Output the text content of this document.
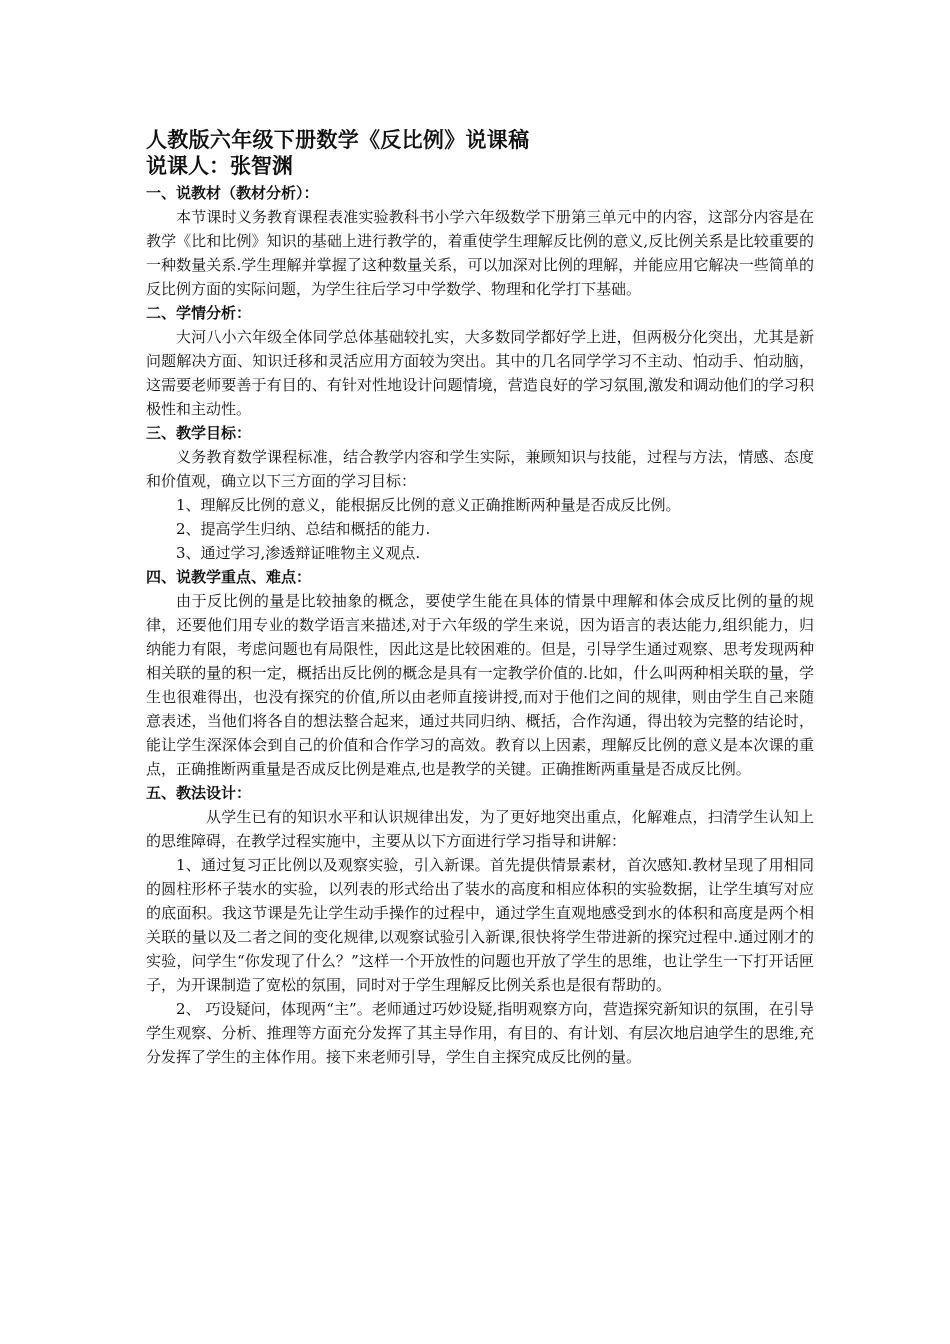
人教版六年级下册数学《反比例》说课稿

说课人：张智渊

一、说教材（教材分析）：

本节课时义务教育课程表准实验教科书小学六年级数学下册第三单元中的内容，这部分内容是在教学《比和比例》知识的基础上进行教学的，着重使学生理解反比例的意义,反比例关系是比较重要的一种数量关系.学生理解并掌握了这种数量关系，可以加深对比例的理解，并能应用它解决一些简单的反比例方面的实际问题，为学生往后学习中学数学、物理和化学打下基础。

二、学情分析：

大河八小六年级全体同学总体基础较扎实，大多数同学都好学上进，但两极分化突出，尤其是新问题解决方面、知识迁移和灵活应用方面较为突出。其中的几名同学学习不主动、怕动手、怕动脑，这需要老师要善于有目的、有针对性地设计问题情境，营造良好的学习氛围,激发和调动他们的学习积极性和主动性。

三、教学目标：

义务教育数学课程标准，结合教学内容和学生实际，兼顾知识与技能，过程与方法，情感、态度和价值观，确立以下三方面的学习目标：

1、理解反比例的意义，能根据反比例的意义正确推断两种量是否成反比例。

2、提高学生归纳、总结和概括的能力.

3、通过学习,渗透辩证唯物主义观点.

四、说教学重点、难点：

由于反比例的量是比较抽象的概念，要使学生能在具体的情景中理解和体会成反比例的量的规律，还要他们用专业的数学语言来描述,对于六年级的学生来说，因为语言的表达能力,组织能力，归纳能力有限，考虑问题也有局限性，因此这是比较困难的。但是，引导学生通过观察、思考发现两种相关联的量的积一定，概括出反比例的概念是具有一定教学价值的.比如，什么叫两种相关联的量，学生也很难得出，也没有探究的价值,所以由老师直接讲授,而对于他们之间的规律，则由学生自己来随意表述，当他们将各自的想法整合起来，通过共同归纳、概括，合作沟通，得出较为完整的结论时，能让学生深深体会到自己的价值和合作学习的高效。教育以上因素，理解反比例的意义是本次课的重点，正确推断两重量是否成反比例是难点,也是教学的关键。正确推断两重量是否成反比例。

五、教法设计：

从学生已有的知识水平和认识规律出发，为了更好地突出重点，化解难点，扫清学生认知上的思维障碍，在教学过程实施中，主要从以下方面进行学习指导和讲解：

1、通过复习正比例以及观察实验，引入新课。首先提供情景素材，首次感知.教材呈现了用相同的圆柱形杯子装水的实验，以列表的形式给出了装水的高度和相应体积的实验数据，让学生填写对应的底面积。我这节课是先让学生动手操作的过程中，通过学生直观地感受到水的体积和高度是两个相关联的量以及二者之间的变化规律,以观察试验引入新课,很快将学生带进新的探究过程中.通过刚才的实验，问学生“你发现了什么？”这样一个开放性的问题也开放了学生的思维，也让学生一下打开话匣子，为开课制造了宽松的氛围，同时对于学生理解反比例关系也是很有帮助的。

2、 巧设疑问，体现两“主”。老师通过巧妙设疑,指明观察方向，营造探究新知识的氛围，在引导学生观察、分析、推理等方面充分发挥了其主导作用，有目的、有计划、有层次地启迪学生的思维,充分发挥了学生的主体作用。接下来老师引导，学生自主探究成反比例的量。
